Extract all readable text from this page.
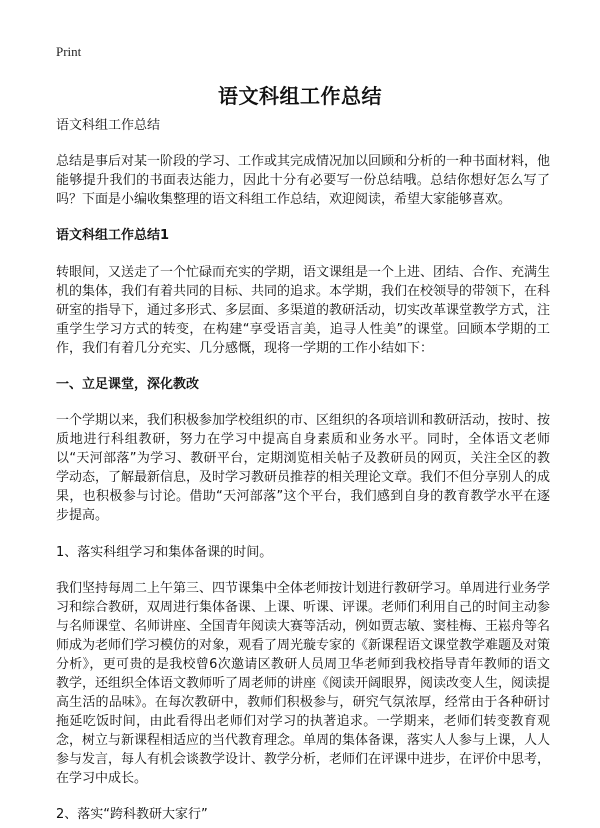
Print
语文科组工作总结

语文科组工作总结

总结是事后对某一阶段的学习、工作或其完成情况加以回顾和分析的一种书面材料，他能够提升我们的书面表达能力，因此十分有必要写一份总结哦。总结你想好怎么写了吗？下面是小编收集整理的语文科组工作总结，欢迎阅读，希望大家能够喜欢。

语文科组工作总结1

转眼间，又送走了一个忙碌而充实的学期，语文课组是一个上进、团结、合作、充满生机的集体，我们有着共同的目标、共同的追求。本学期，我们在校领导的带领下，在科研室的指导下，通过多形式、多层面、多渠道的教研活动，切实改革课堂教学方式，注重学生学习方式的转变，在构建“享受语言美，追寻人性美”的课堂。回顾本学期的工作，我们有着几分充实、几分感慨，现将一学期的工作小结如下：

一、立足课堂，深化教改

一个学期以来，我们积极参加学校组织的市、区组织的各项培训和教研活动，按时、按质地进行科组教研，努力在学习中提高自身素质和业务水平。同时，全体语文老师以“天河部落”为学习、教研平台，定期浏览相关帖子及教研员的网页，关注全区的教学动态，了解最新信息，及时学习教研员推荐的相关理论文章。我们不但分享别人的成果，也积极参与讨论。借助“天河部落”这个平台，我们感到自身的教育教学水平在逐步提高。

1、落实科组学习和集体备课的时间。

我们坚持每周二上午第三、四节课集中全体老师按计划进行教研学习。单周进行业务学习和综合教研，双周进行集体备课、上课、听课、评课。老师们利用自己的时间主动参与名师课堂、名师讲座、全国青年阅读大赛等活动，例如贾志敏、窦桂梅、王崧舟等名师成为老师们学习模仿的对象，观看了周光璇专家的《新课程语文课堂教学难题及对策分析》，更可贵的是我校曾6次邀请区教研人员周卫华老师到我校指导青年教师的语文教学，还组织全体语文教师听了周老师的讲座《阅读开阔眼界，阅读改变人生，阅读提高生活的品味》。在每次教研中，教师们积极参与，研究气氛浓厚，经常由于各种研讨拖延吃饭时间，由此看得出老师们对学习的执著追求。一学期来，老师们转变教育观念，树立与新课程相适应的当代教育理念。单周的集体备课，落实人人参与上课，人人参与发言，每人有机会谈教学设计、教学分析，老师们在评课中进步，在评价中思考，在学习中成长。

2、落实“跨科教研大家行”
